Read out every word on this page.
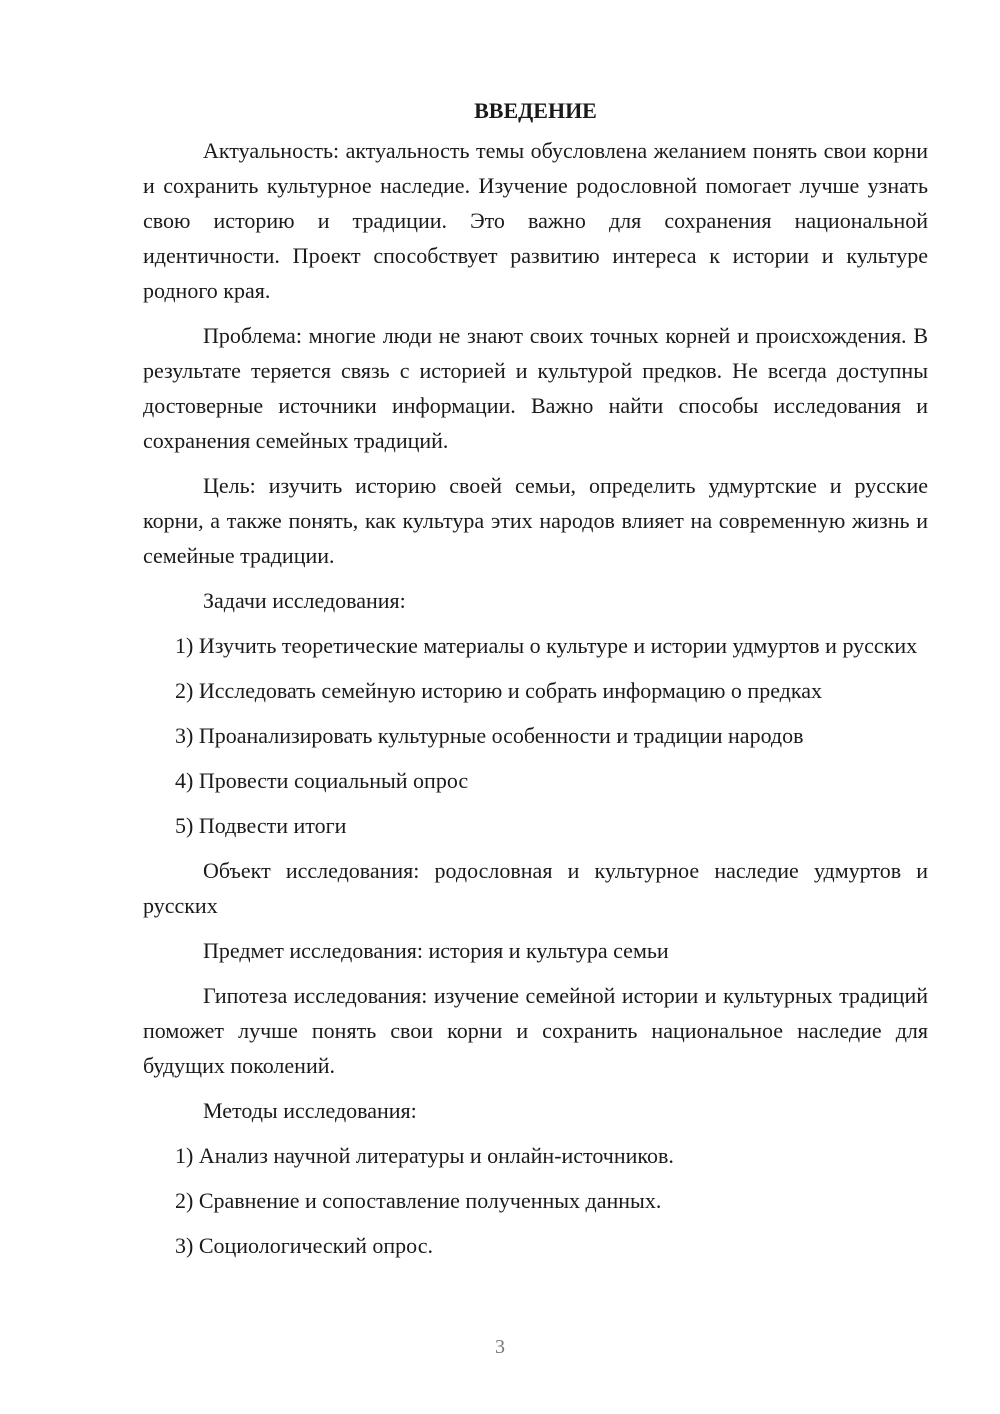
ВВЕДЕНИЕ

Актуальность: актуальность темы обусловлена желанием понять свои корни и сохранить культурное наследие. Изучение родословной помогает лучше узнать свою историю и традиции. Это важно для сохранения национальной идентичности. Проект способствует развитию интереса к истории и культуре родного края.

Проблема: многие люди не знают своих точных корней и происхождения. В результате теряется связь с историей и культурой предков. Не всегда доступны достоверные источники информации. Важно найти способы исследования и сохранения семейных традиций.

Цель: изучить историю своей семьи, определить удмуртские и русские корни, а также понять, как культура этих народов влияет на современную жизнь и семейные традиции.

Задачи исследования:

1) Изучить теоретические материалы о культуре и истории удмуртов и русских

2) Исследовать семейную историю и собрать информацию о предках

3) Проанализировать культурные особенности и традиции народов

4) Провести социальный опрос

5) Подвести итоги

Объект исследования: родословная и культурное наследие удмуртов и русских

Предмет исследования: история и культура семьи

Гипотеза исследования: изучение семейной истории и культурных традиций поможет лучше понять свои корни и сохранить национальное наследие для будущих поколений.

Методы исследования:

1) Анализ научной литературы и онлайн-источников.

2) Сравнение и сопоставление полученных данных.

3) Социологический опрос.

3
